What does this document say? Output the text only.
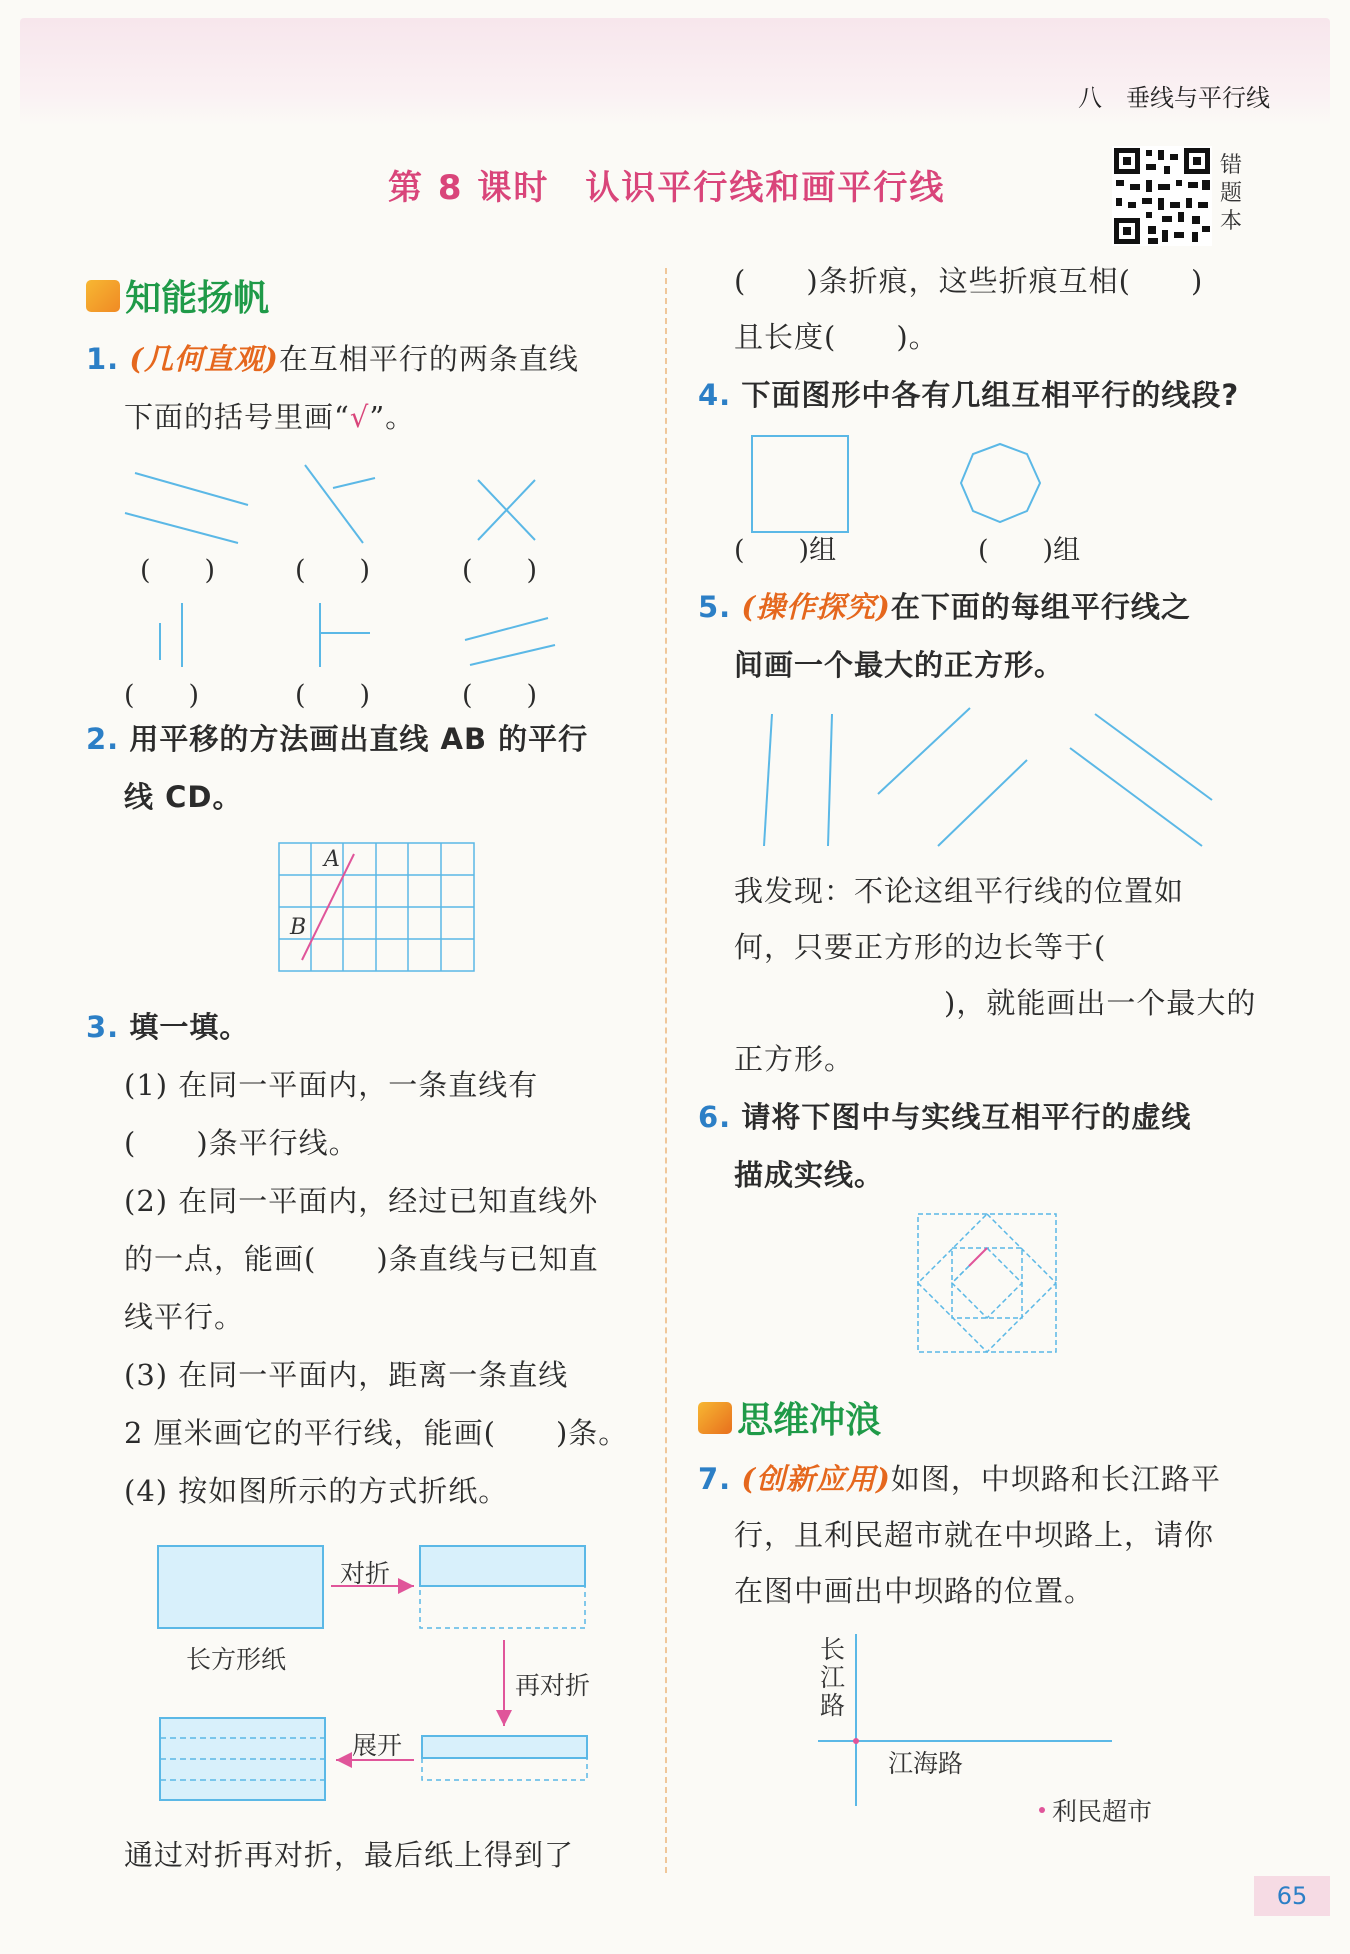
八　垂线与平行线
第 8 课时　认识平行线和画平行线
错
题
本
知能扬帆
1. (几何直观)在互相平行的两条直线
下面的括号里画“√”。
(　　)	(　　)	(　　)
(　　)	(　　)	(　　)
2. 用平移的方法画出直线 AB 的平行
线 CD。
A
B
3. 填一填。
(1) 在同一平面内，一条直线有
(　　)条平行线。
(2) 在同一平面内，经过已知直线外
的一点，能画(　　)条直线与已知直
线平行。
(3) 在同一平面内，距离一条直线
2 厘米画它的平行线，能画(　　)条。
(4) 按如图所示的方式折纸。
对折
长方形纸
再对折
展开
通过对折再对折，最后纸上得到了
(　　)条折痕，这些折痕互相(　　)
且长度(　　)。
4. 下面图形中各有几组互相平行的线段?
(　　)组	(　　)组
5. (操作探究)在下面的每组平行线之
间画一个最大的正方形。
我发现：不论这组平行线的位置如
何，只要正方形的边长等于(
　　　　　　　)，就能画出一个最大的
正方形。
6. 请将下图中与实线互相平行的虚线
描成实线。
思维冲浪
7. (创新应用)如图，中坝路和长江路平
行，且利民超市就在中坝路上，请你
在图中画出中坝路的位置。
长江路
江海路
利民超市
65
